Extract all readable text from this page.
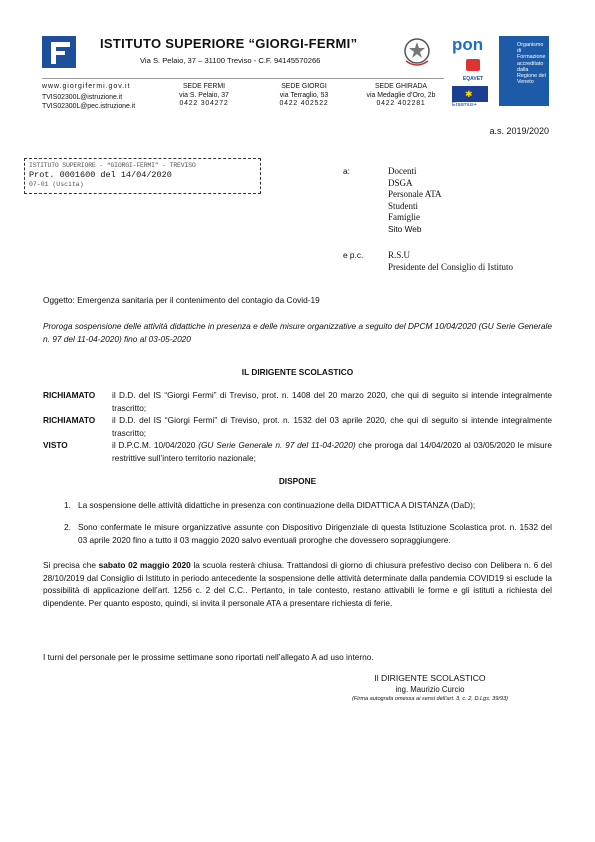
ISTITUTO SUPERIORE “GIORGI-FERMI”
Via S. Pelaio, 37 – 31100 Treviso - C.F. 94145570266
pon
EQAVET
✱
Erasmus+
Organismo di Formazione accreditato dalla Regione del Veneto
www.giorgifermi.gov.it
TVIS02300L@istruzione.it
TVIS02300L@pec.istruzione.it
SEDE FERMI
via S. Pelaio, 37
0422 304272
SEDE GIORGI
via Terraglio, 53
0422 402522
SEDE GHIRADA
via Medaglie d’Oro, 2b
0422 402281
a.s. 2019/2020
ISTITUTO SUPERIORE - “GIORGI-FERMI” - TREVISO
Prot. 0001600 del 14/04/2020
07-01 (Uscita)
a:	Docenti
DSGA
Personale ATA
Studenti
Famiglie
Sito Web
e p.c.	R.S.U
Presidente del Consiglio di Istituto
Oggetto: Emergenza sanitaria per il contenimento del contagio da Covid-19
Proroga sospensione delle attività didattiche in presenza e delle misure organizzative a seguito del DPCM 10/04/2020 (GU Serie Generale n. 97 del 11-04-2020) fino al 03-05-2020
IL DIRIGENTE SCOLASTICO
RICHIAMATO	il D.D. del IS “Giorgi Fermi” di Treviso, prot. n. 1408 del 20 marzo 2020, che qui di seguito si intende integralmente trascritto;
RICHIAMATO	il D.D. del IS “Giorgi Fermi” di Treviso, prot. n. 1532 del 03 aprile 2020, che qui di seguito si intende integralmente trascritto;
VISTO	il D.P.C.M. 10/04/2020 (GU Serie Generale n. 97 del 11-04-2020) che proroga dal 14/04/2020 al 03/05/2020 le misure restrittive sull’intero territorio nazionale;
DISPONE
1. La sospensione delle attività didattiche in presenza con continuazione della DIDATTICA A DISTANZA (DaD);
2. Sono confermate le misure organizzative assunte con Dispositivo Dirigenziale di questa Istituzione Scolastica prot. n. 1532 del 03 aprile 2020 fino a tutto il 03 maggio 2020 salvo eventuali proroghe che dovessero sopraggiungere.
Si precisa che sabato 02 maggio 2020 la scuola resterà chiusa. Trattandosi di giorno di chiusura prefestivo deciso con Delibera n. 6 del 28/10/2019 dal Consiglio di Istituto in periodo antecedente la sospensione delle attività determinate dalla pandemia COVID19 si esclude la possibilità di applicazione dell’art. 1256 c. 2 del C.C.. Pertanto, in tale contesto, restano attivabili le forme e gli istituti a richiesta del dipendente. Per quanto esposto, quindi, si invita il personale ATA a presentare richiesta di ferie.
I turni del personale per le prossime settimane sono riportati nell’allegato A ad uso interno.
Il DIRIGENTE SCOLASTICO
ing. Maurizio Curcio
(Firma autografa omessa ai sensi dell’art. 3, c. 2, D.Lgs. 39/93)
